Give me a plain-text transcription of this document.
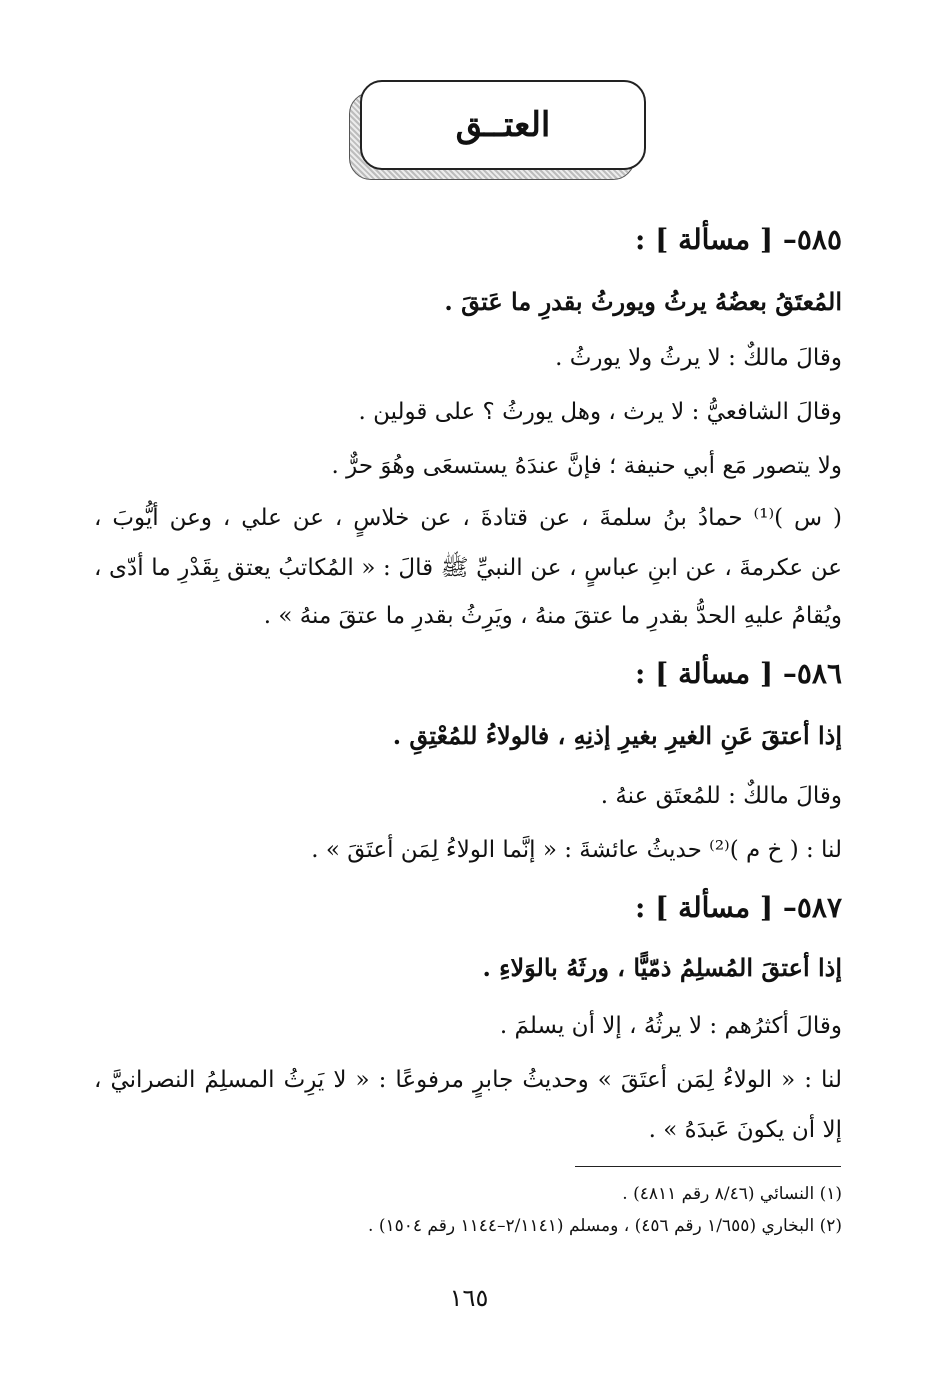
العتــق
٥٨٥– [ مسألة ] :
المُعتَقُ بعضُهُ يرثُ ويورثُ بقدرِ ما عَتقَ .
وقالَ مالكٌ : لا يرثُ ولا يورثُ .
وقالَ الشافعيُّ : لا يرث ، وهل يورثُ ؟ على قولين .
ولا يتصور مَع أبي حنيفة ؛ فإنَّ عندَهُ يستسعَى وهُوَ حرٌّ .
( س )⁽¹⁾ حمادُ بنُ سلمةَ ، عن قتادةَ ، عن خلاسٍ ، عن علي ، وعن أيُّوبَ ،
عن عكرمةَ ، عن ابنِ عباسٍ ، عن النبيِّ ﷺ قالَ : « المُكاتبُ يعتق بِقَدْرِ ما أدّى ،
ويُقامُ عليهِ الحدُّ بقدرِ ما عتقَ منهُ ، ويَرِثُ بقدرِ ما عتقَ منهُ » .
٥٨٦– [ مسألة ] :
إذا أعتقَ عَنِ الغيرِ بغيرِ إذنِهِ ، فالولاءُ للمُعْتِقِ .
وقالَ مالكٌ : للمُعتَق عنهُ .
لنا : ( خ م )⁽²⁾ حديثُ عائشةَ : « إنَّما الولاءُ لِمَن أعتَقَ » .
٥٨٧– [ مسألة ] :
إذا أعتقَ المُسلِمُ ذمّيًّا ، ورثَهُ بالوَلاءِ .
وقالَ أكثرُهم : لا يرثُهُ ، إلا أن يسلمَ .
لنا : « الولاءُ لِمَن أعتَقَ » وحديثُ جابرٍ مرفوعًا : « لا يَرِثُ المسلِمُ النصرانيَّ ،
إلا أن يكونَ عَبدَهُ » .
(١) النسائي (٨/٤٦ رقم ٤٨١١) .
(٢) البخاري (١/٦٥٥ رقم ٤٥٦) ، ومسلم (٢/١١٤١–١١٤٤ رقم ١٥٠٤) .
١٦٥
